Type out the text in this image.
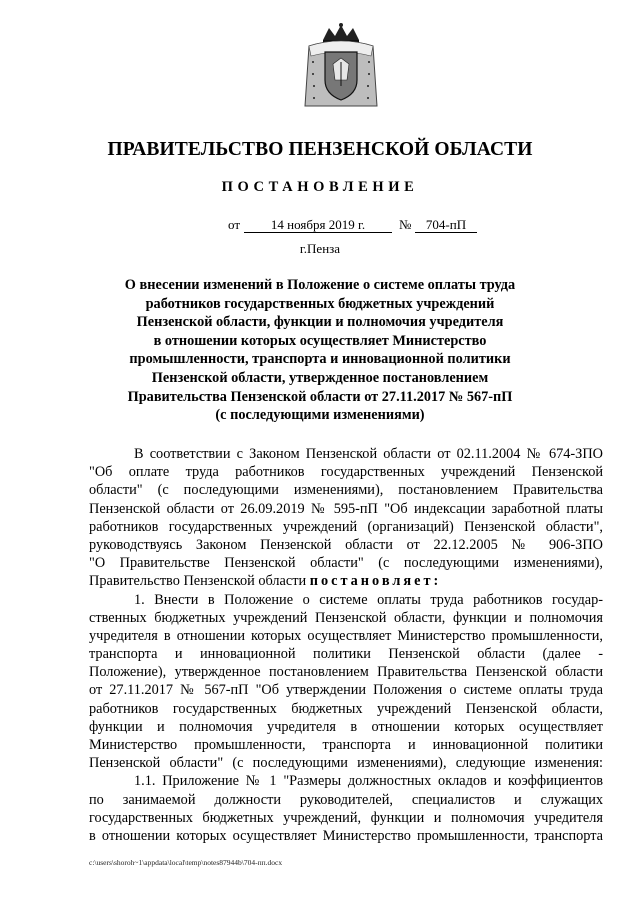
ПРАВИТЕЛЬСТВО ПЕНЗЕНСКОЙ ОБЛАСТИ
ПОСТАНОВЛЕНИЕ
от	14 ноября 2019 г.	№	704-пП
г.Пенза
О внесении изменений в Положение о системе оплаты труда
работников государственных бюджетных учреждений
Пензенской области, функции и полномочия учредителя
в отношении которых осуществляет Министерство
промышленности, транспорта и инновационной политики
Пензенской области, утвержденное постановлением
Правительства Пензенской области от 27.11.2017 № 567-пП
(с последующими изменениями)
В соответствии с Законом Пензенской области от 02.11.2004 № 674-ЗПО
"Об оплате труда работников государственных учреждений Пензенской
области" (с последующими изменениями), постановлением Правительства
Пензенской области от 26.09.2019 № 595-пП "Об индексации заработной платы
работников государственных учреждений (организаций) Пензенской области",
руководствуясь Законом Пензенской области от 22.12.2005 № 906-ЗПО
"О Правительстве Пензенской области" (с последующими изменениями),
Правительство Пензенской области постановляет:
1. Внести в Положение о системе оплаты труда работников государ-
ственных бюджетных учреждений Пензенской области, функции и полномочия
учредителя в отношении которых осуществляет Министерство промышленности,
транспорта и инновационной политики Пензенской области (далее -
Положение), утвержденное постановлением Правительства Пензенской области
от 27.11.2017 № 567-пП "Об утверждении Положения о системе оплаты труда
работников государственных бюджетных учреждений Пензенской области,
функции и полномочия учредителя в отношении которых осуществляет
Министерство промышленности, транспорта и инновационной политики
Пензенской области" (с последующими изменениями), следующие изменения:
1.1. Приложение № 1 "Размеры должностных окладов и коэффициентов
по занимаемой должности руководителей, специалистов и служащих
государственных бюджетных учреждений, функции и полномочия учредителя
в отношении которых осуществляет Министерство промышленности, транспорта
c:\users\shoroh~1\appdata\local\temp\notes87944b\704-пп.docx
